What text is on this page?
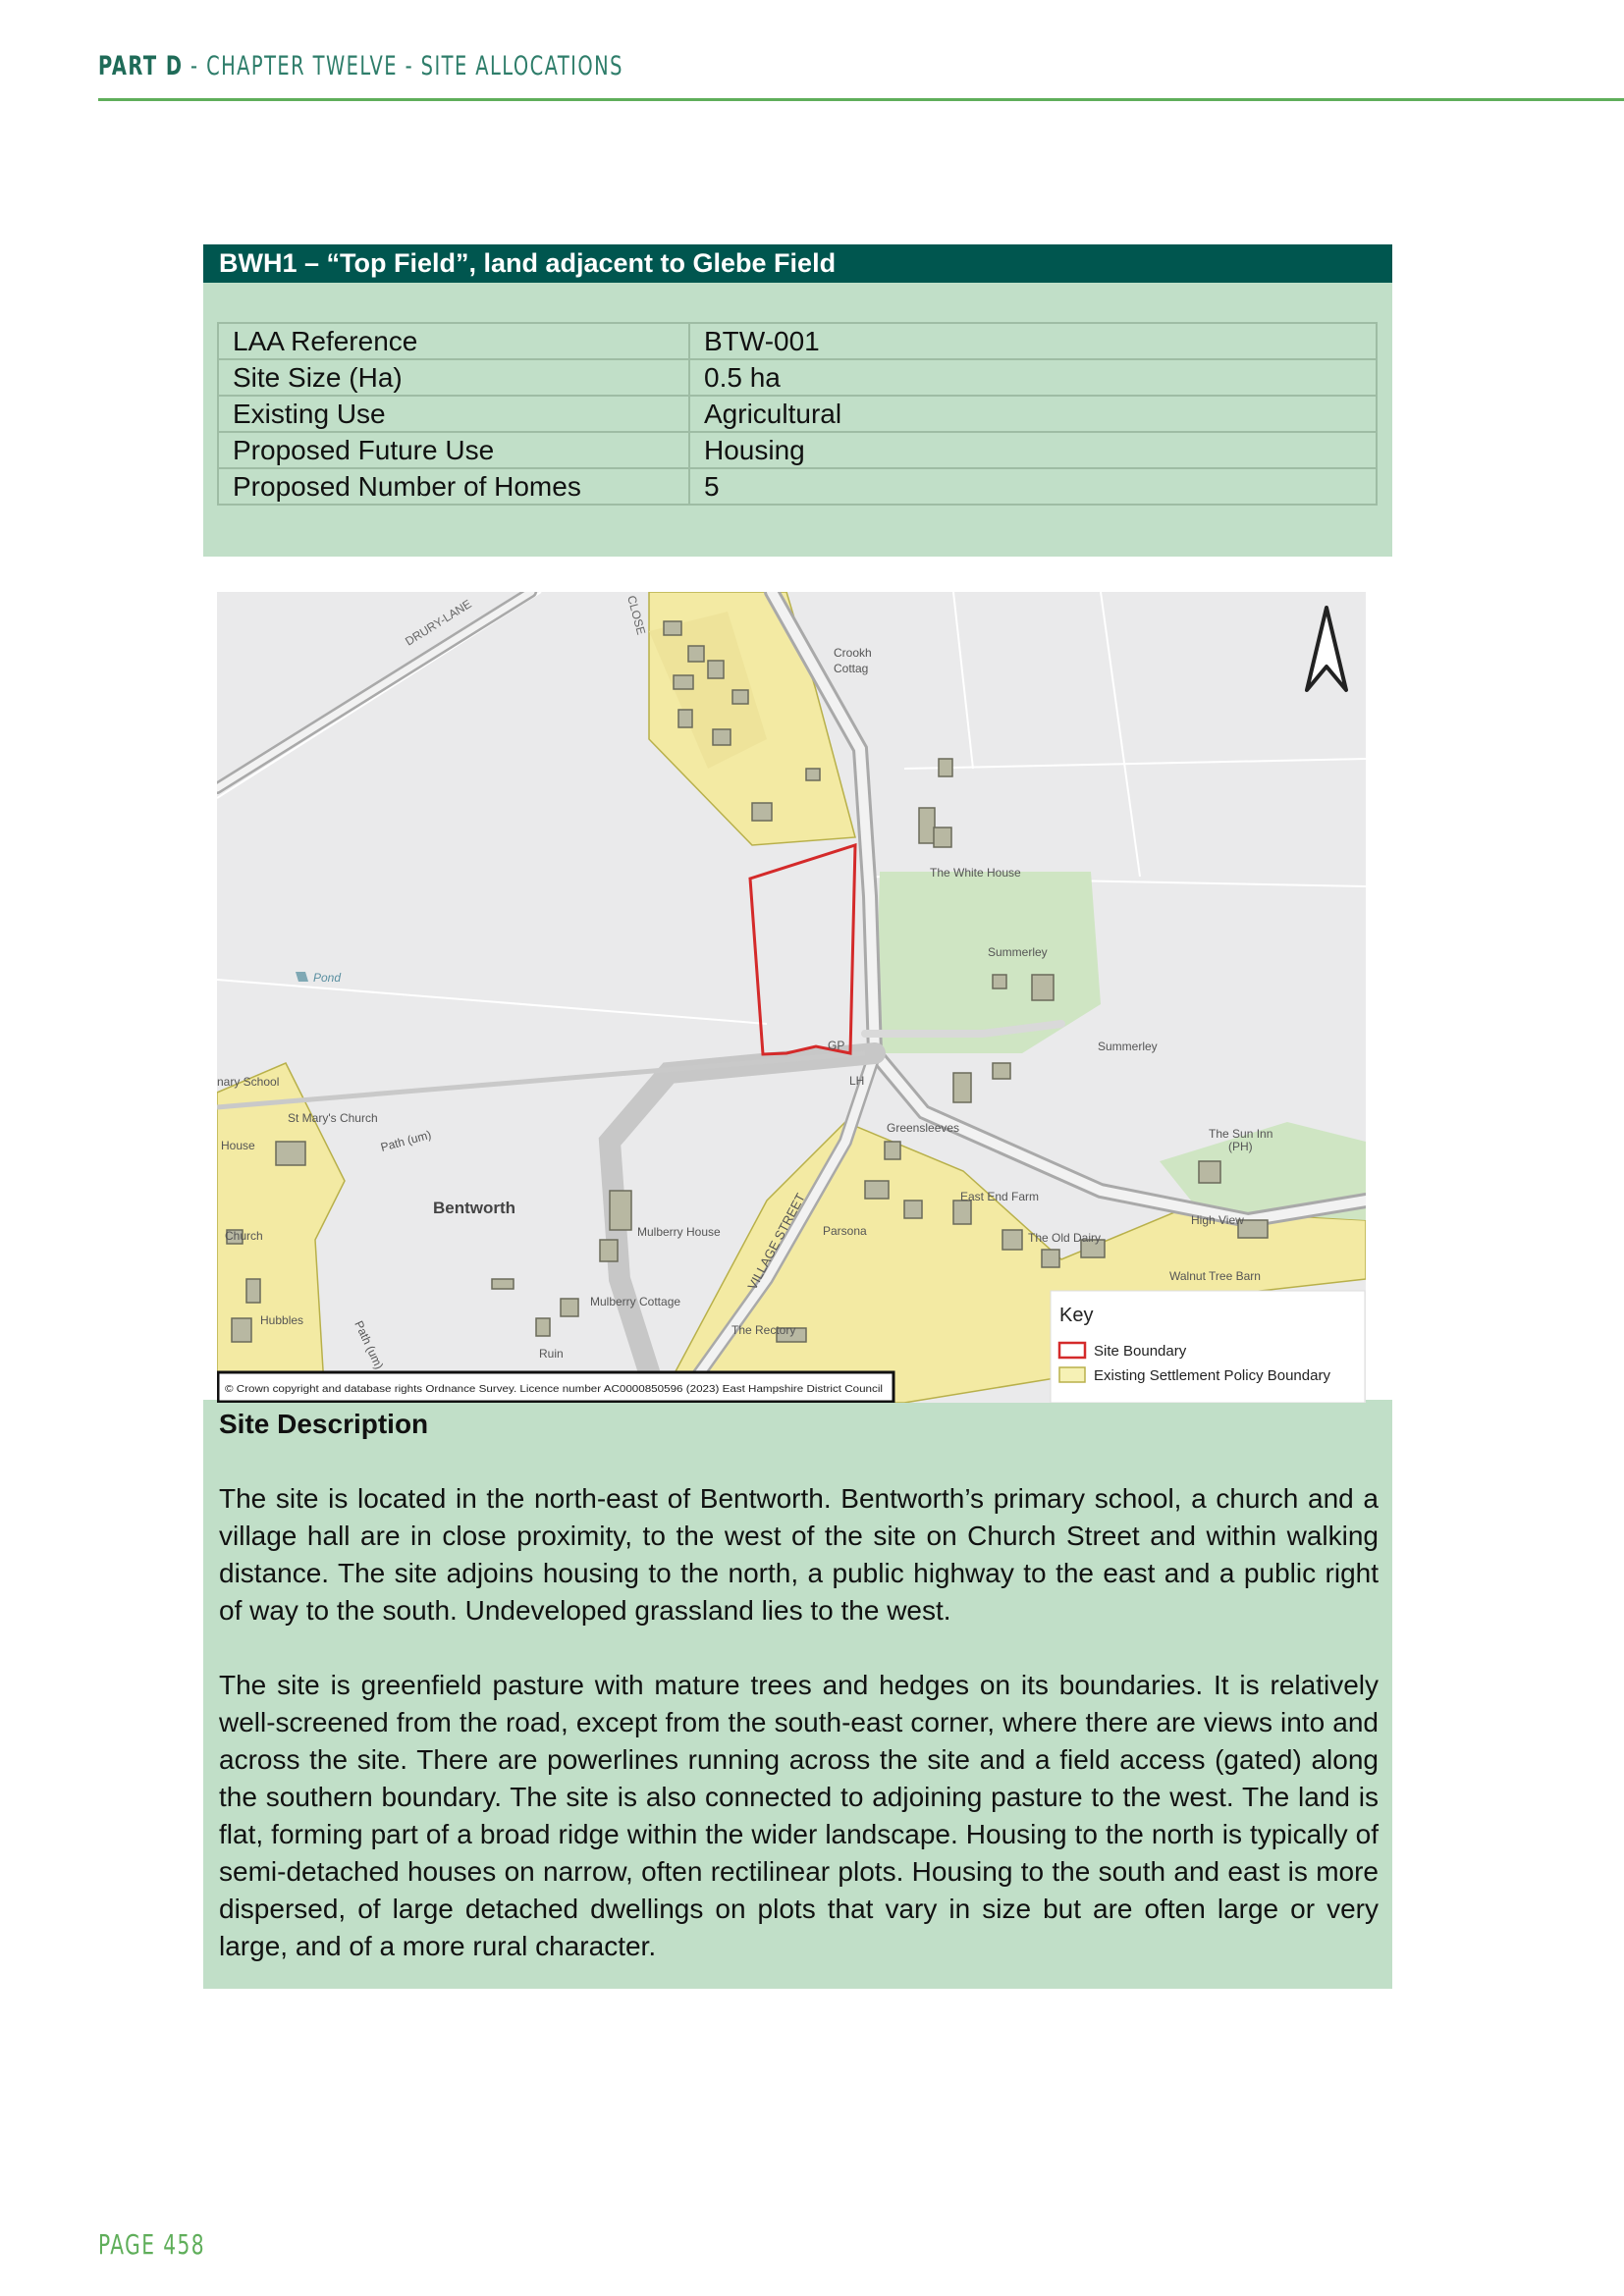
PART D - CHAPTER TWELVE - SITE ALLOCATIONS
BWH1 – “Top Field”, land adjacent to Glebe Field
LAA Reference	BTW-001
Site Size (Ha)	0.5 ha
Existing Use	Agricultural
Proposed Future Use	Housing
Proposed Number of Homes	5
DRURY-LANE	CLOSE
Crookh
Cottag
The White House
Summerley
Summerley
Pond
nary School
St Mary's Church
House	Path (um)
Bentworth
Church
Hubbles	Path (um)	Ruin
Mulberry House
Mulberry Cottage
VILLAGE STREET Parsona
The Rectory
Greensleeves
East End Farm
The Old Dairy
High View
Walnut Tree Barn
The Sun Inn
(PH)
GP
LH
Key
Site Boundary
Existing Settlement Policy Boundary
© Crown copyright and database rights Ordnance Survey. Licence number AC0000850596 (2023) East Hampshire District Council
Site Description

The site is located in the north-east of Bentworth. Bentworth’s primary school, a church and a village hall are in close proximity, to the west of the site on Church Street and within walking distance. The site adjoins housing to the north, a public highway to the east and a public right of way to the south. Undeveloped grassland lies to the west.

The site is greenfield pasture with mature trees and hedges on its boundaries. It is relatively well-screened from the road, except from the south-east corner, where there are views into and across the site. There are powerlines running across the site and a field access (gated) along the southern boundary. The site is also connected to adjoining pasture to the west. The land is flat, forming part of a broad ridge within the wider landscape. Housing to the north is typically of semi-detached houses on narrow, often rectilinear plots. Housing to the south and east is more dispersed, of large detached dwellings on plots that vary in size but are often large or very large, and of a more rural character.

PAGE 458
